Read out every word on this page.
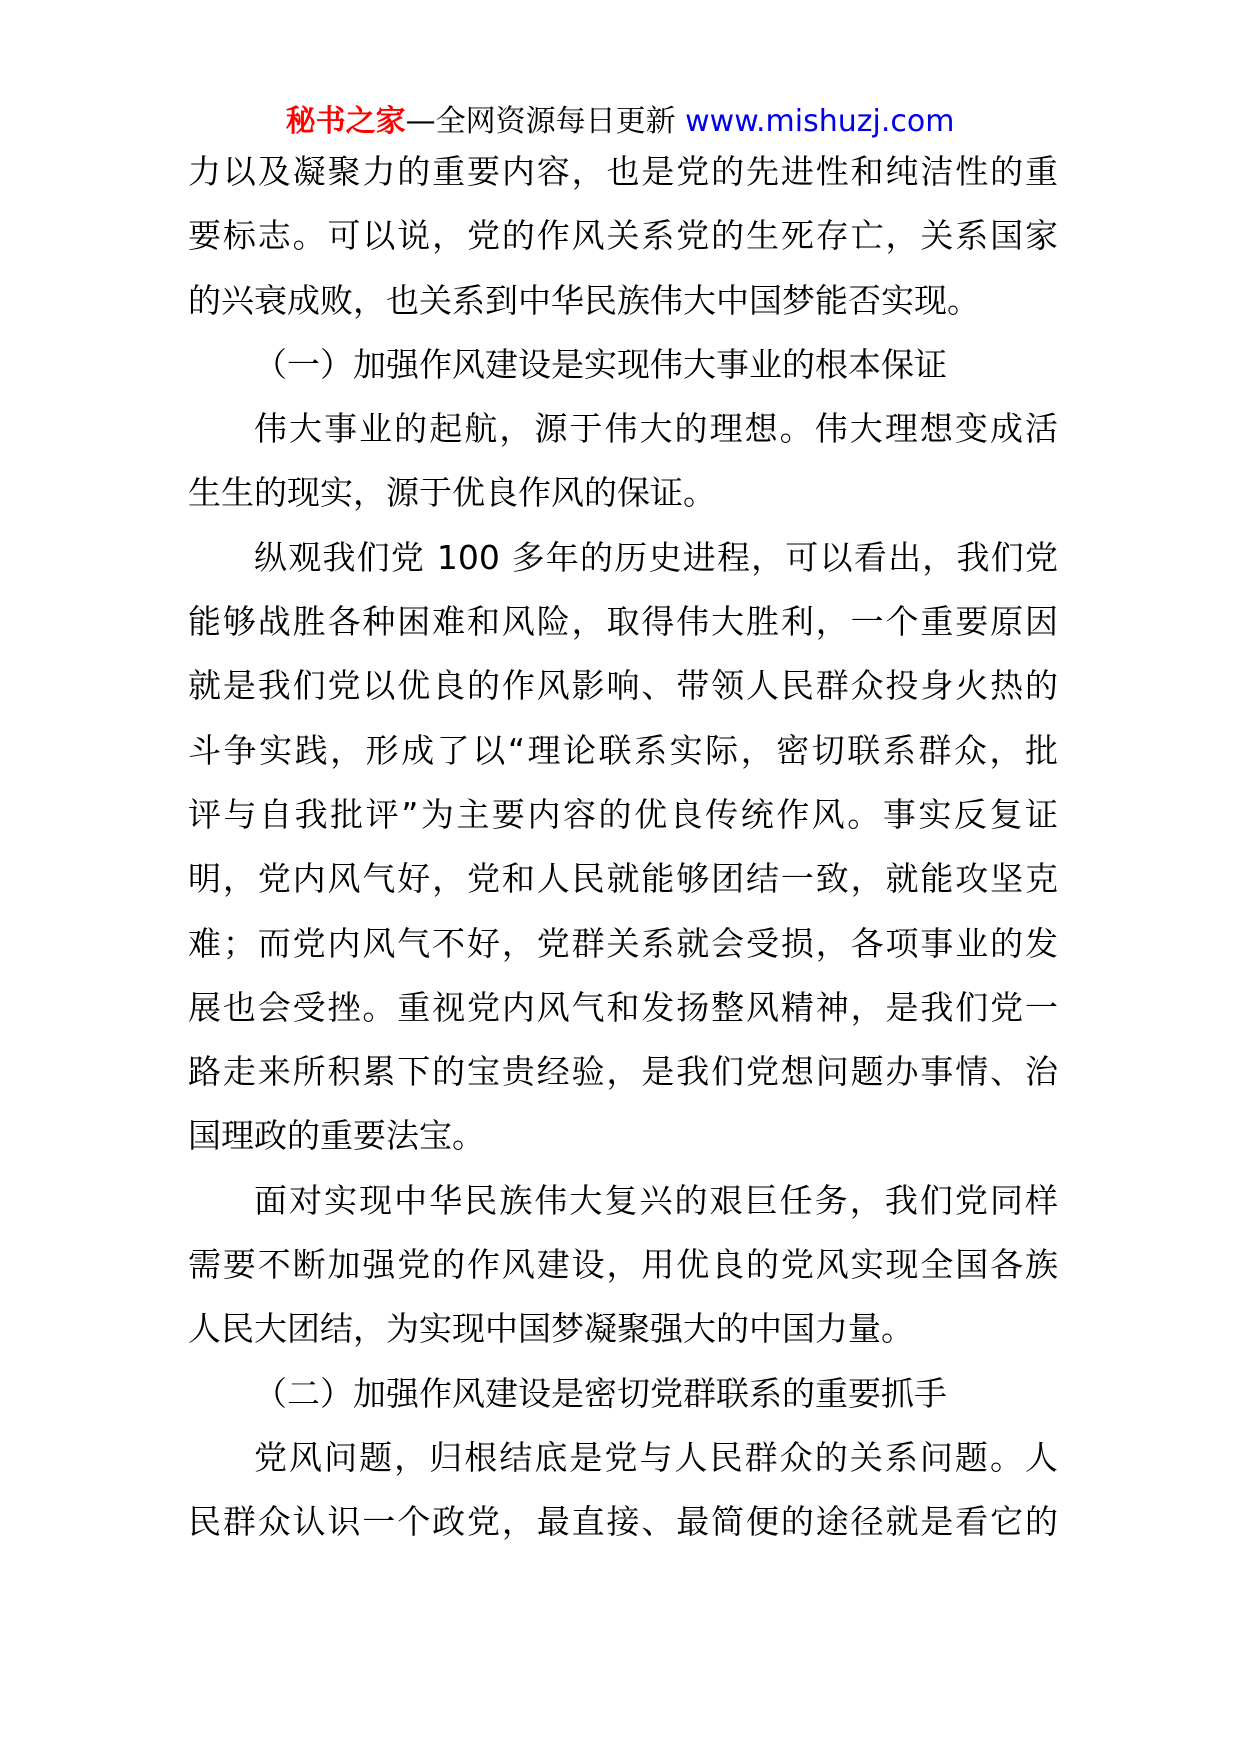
秘书之家—全网资源每日更新 www.mishuzj.com
力以及凝聚力的重要内容，也是党的先进性和纯洁性的重
要标志。可以说，党的作风关系党的生死存亡，关系国家
的兴衰成败，也关系到中华民族伟大中国梦能否实现。
（一）加强作风建设是实现伟大事业的根本保证
伟大事业的起航，源于伟大的理想。伟大理想变成活
生生的现实，源于优良作风的保证。
纵观我们党 100 多年的历史进程，可以看出，我们党
能够战胜各种困难和风险，取得伟大胜利，一个重要原因
就是我们党以优良的作风影响、带领人民群众投身火热的
斗争实践，形成了以“理论联系实际，密切联系群众，批
评与自我批评”为主要内容的优良传统作风。事实反复证
明，党内风气好，党和人民就能够团结一致，就能攻坚克
难；而党内风气不好，党群关系就会受损，各项事业的发
展也会受挫。重视党内风气和发扬整风精神，是我们党一
路走来所积累下的宝贵经验，是我们党想问题办事情、治
国理政的重要法宝。
面对实现中华民族伟大复兴的艰巨任务，我们党同样
需要不断加强党的作风建设，用优良的党风实现全国各族
人民大团结，为实现中国梦凝聚强大的中国力量。
（二）加强作风建设是密切党群联系的重要抓手
党风问题，归根结底是党与人民群众的关系问题。人
民群众认识一个政党，最直接、最简便的途径就是看它的
